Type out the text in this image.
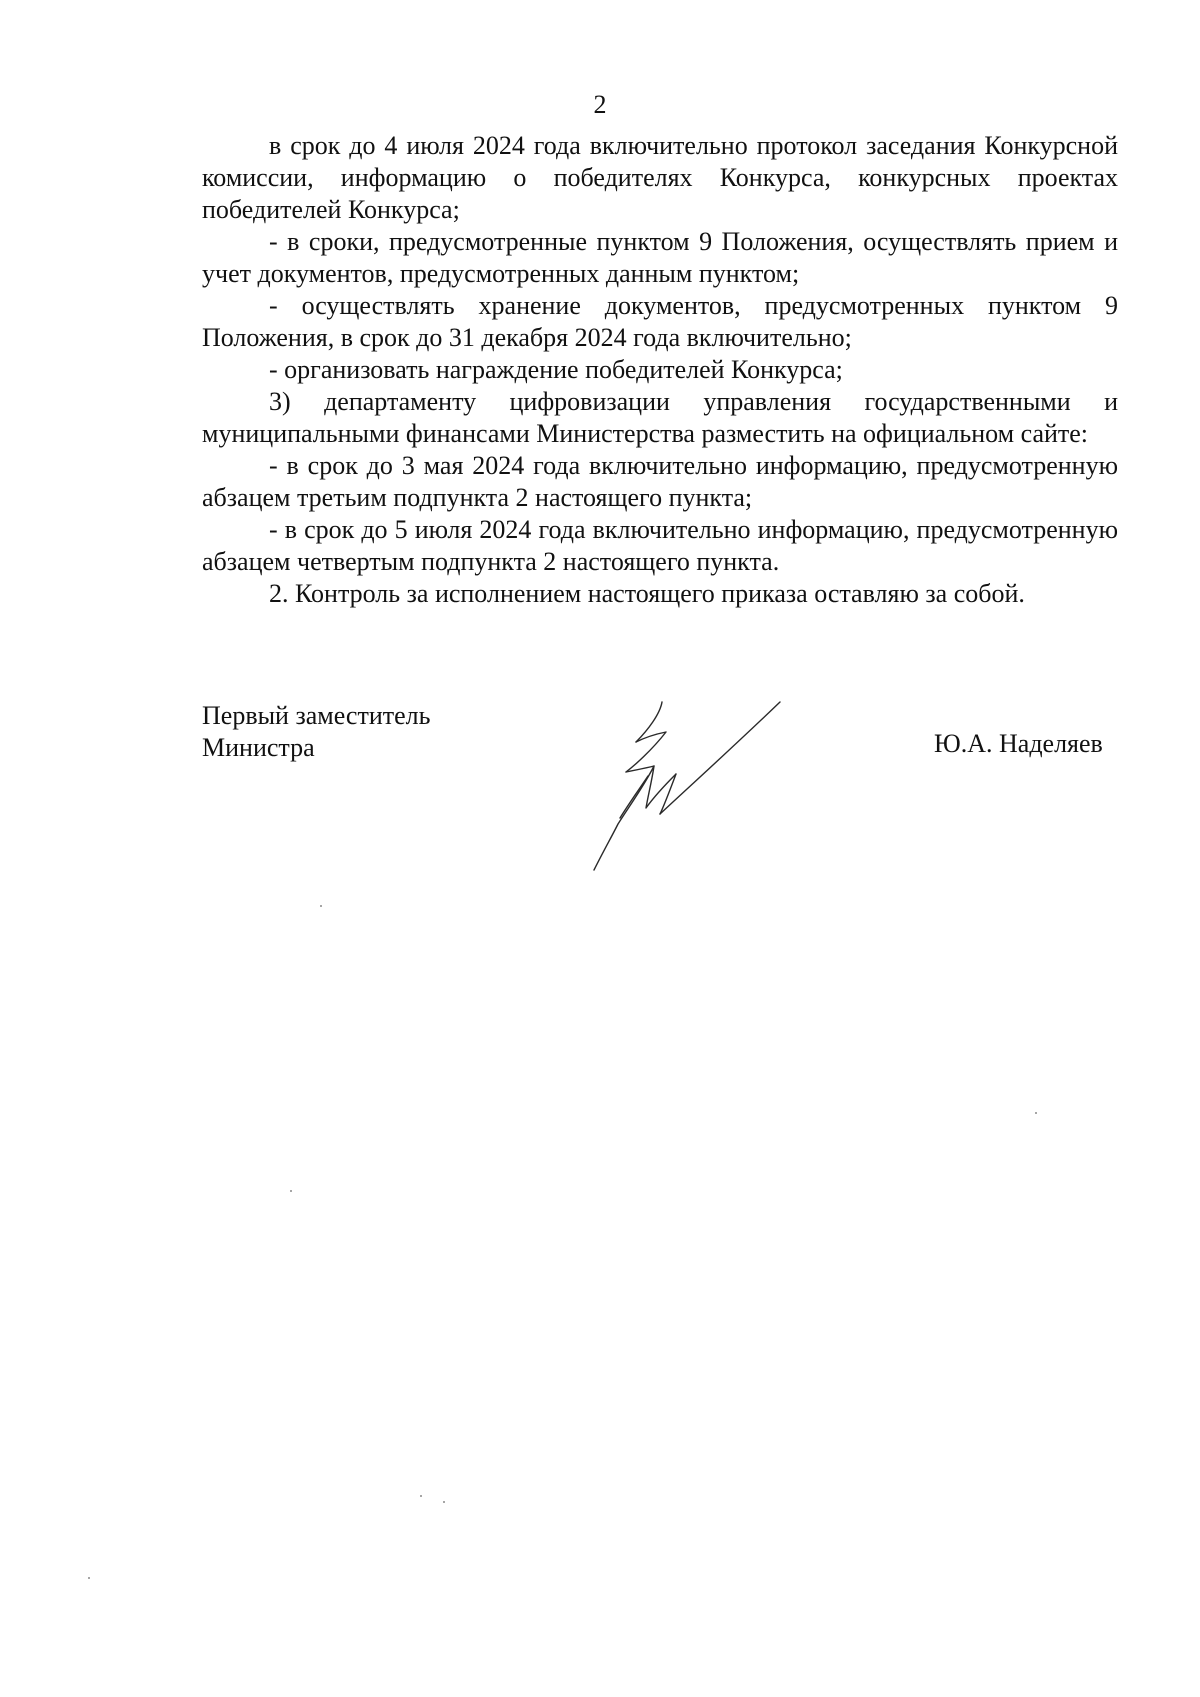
2

в срок до 4 июля 2024 года включительно протокол заседания Конкурсной комиссии, информацию о победителях Конкурса, конкурсных проектах победителей Конкурса;

- в сроки, предусмотренные пунктом 9 Положения, осуществлять прием и учет документов, предусмотренных данным пунктом;

- осуществлять хранение документов, предусмотренных пунктом 9 Положения, в срок до 31 декабря 2024 года включительно;

- организовать награждение победителей Конкурса;

3) департаменту цифровизации управления государственными и муниципальными финансами Министерства разместить на официальном сайте:

- в срок до 3 мая 2024 года включительно информацию, предусмотренную абзацем третьим подпункта 2 настоящего пункта;

- в срок до 5 июля 2024 года включительно информацию, предусмотренную абзацем четвертым подпункта 2 настоящего пункта.

2. Контроль за исполнением настоящего приказа оставляю за собой.

Первый заместитель
Министра	Ю.А. Наделяев
